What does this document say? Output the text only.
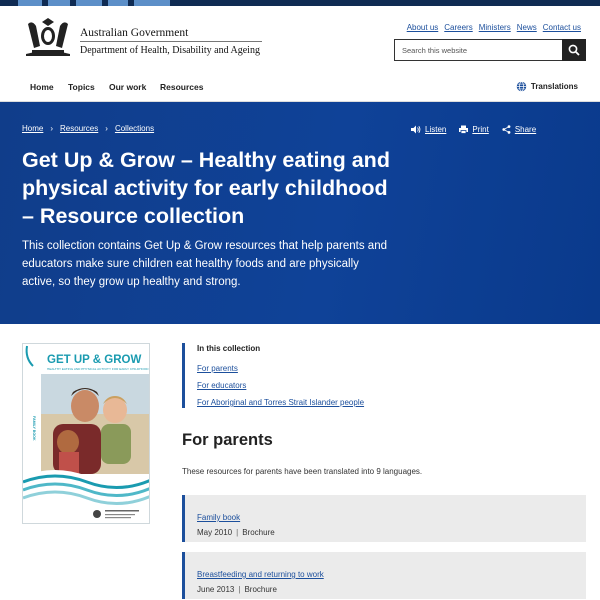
Australian Government
Department of Health, Disability and Ageing
About us Careers Ministers News Contact us
Search this website
Home Topics Our work Resources	Translations
Home › Resources › Collections	Listen	Print	Share
Get Up & Grow – Healthy eating and physical activity for early childhood – Resource collection

This collection contains Get Up & Grow resources that help parents and educators make sure children eat healthy foods and are physically active, so they grow up healthy and strong.

GET UP & GROW
HEALTHY EATING AND PHYSICAL ACTIVITY FOR EARLY CHILDHOOD
FAMILY BOOK
In this collection
For parents
For educators
For Aboriginal and Torres Strait Islander people
For parents

These resources for parents have been translated into 9 languages.

Family book
May 2010 | Brochure
Breastfeeding and returning to work
June 2013 | Brochure
